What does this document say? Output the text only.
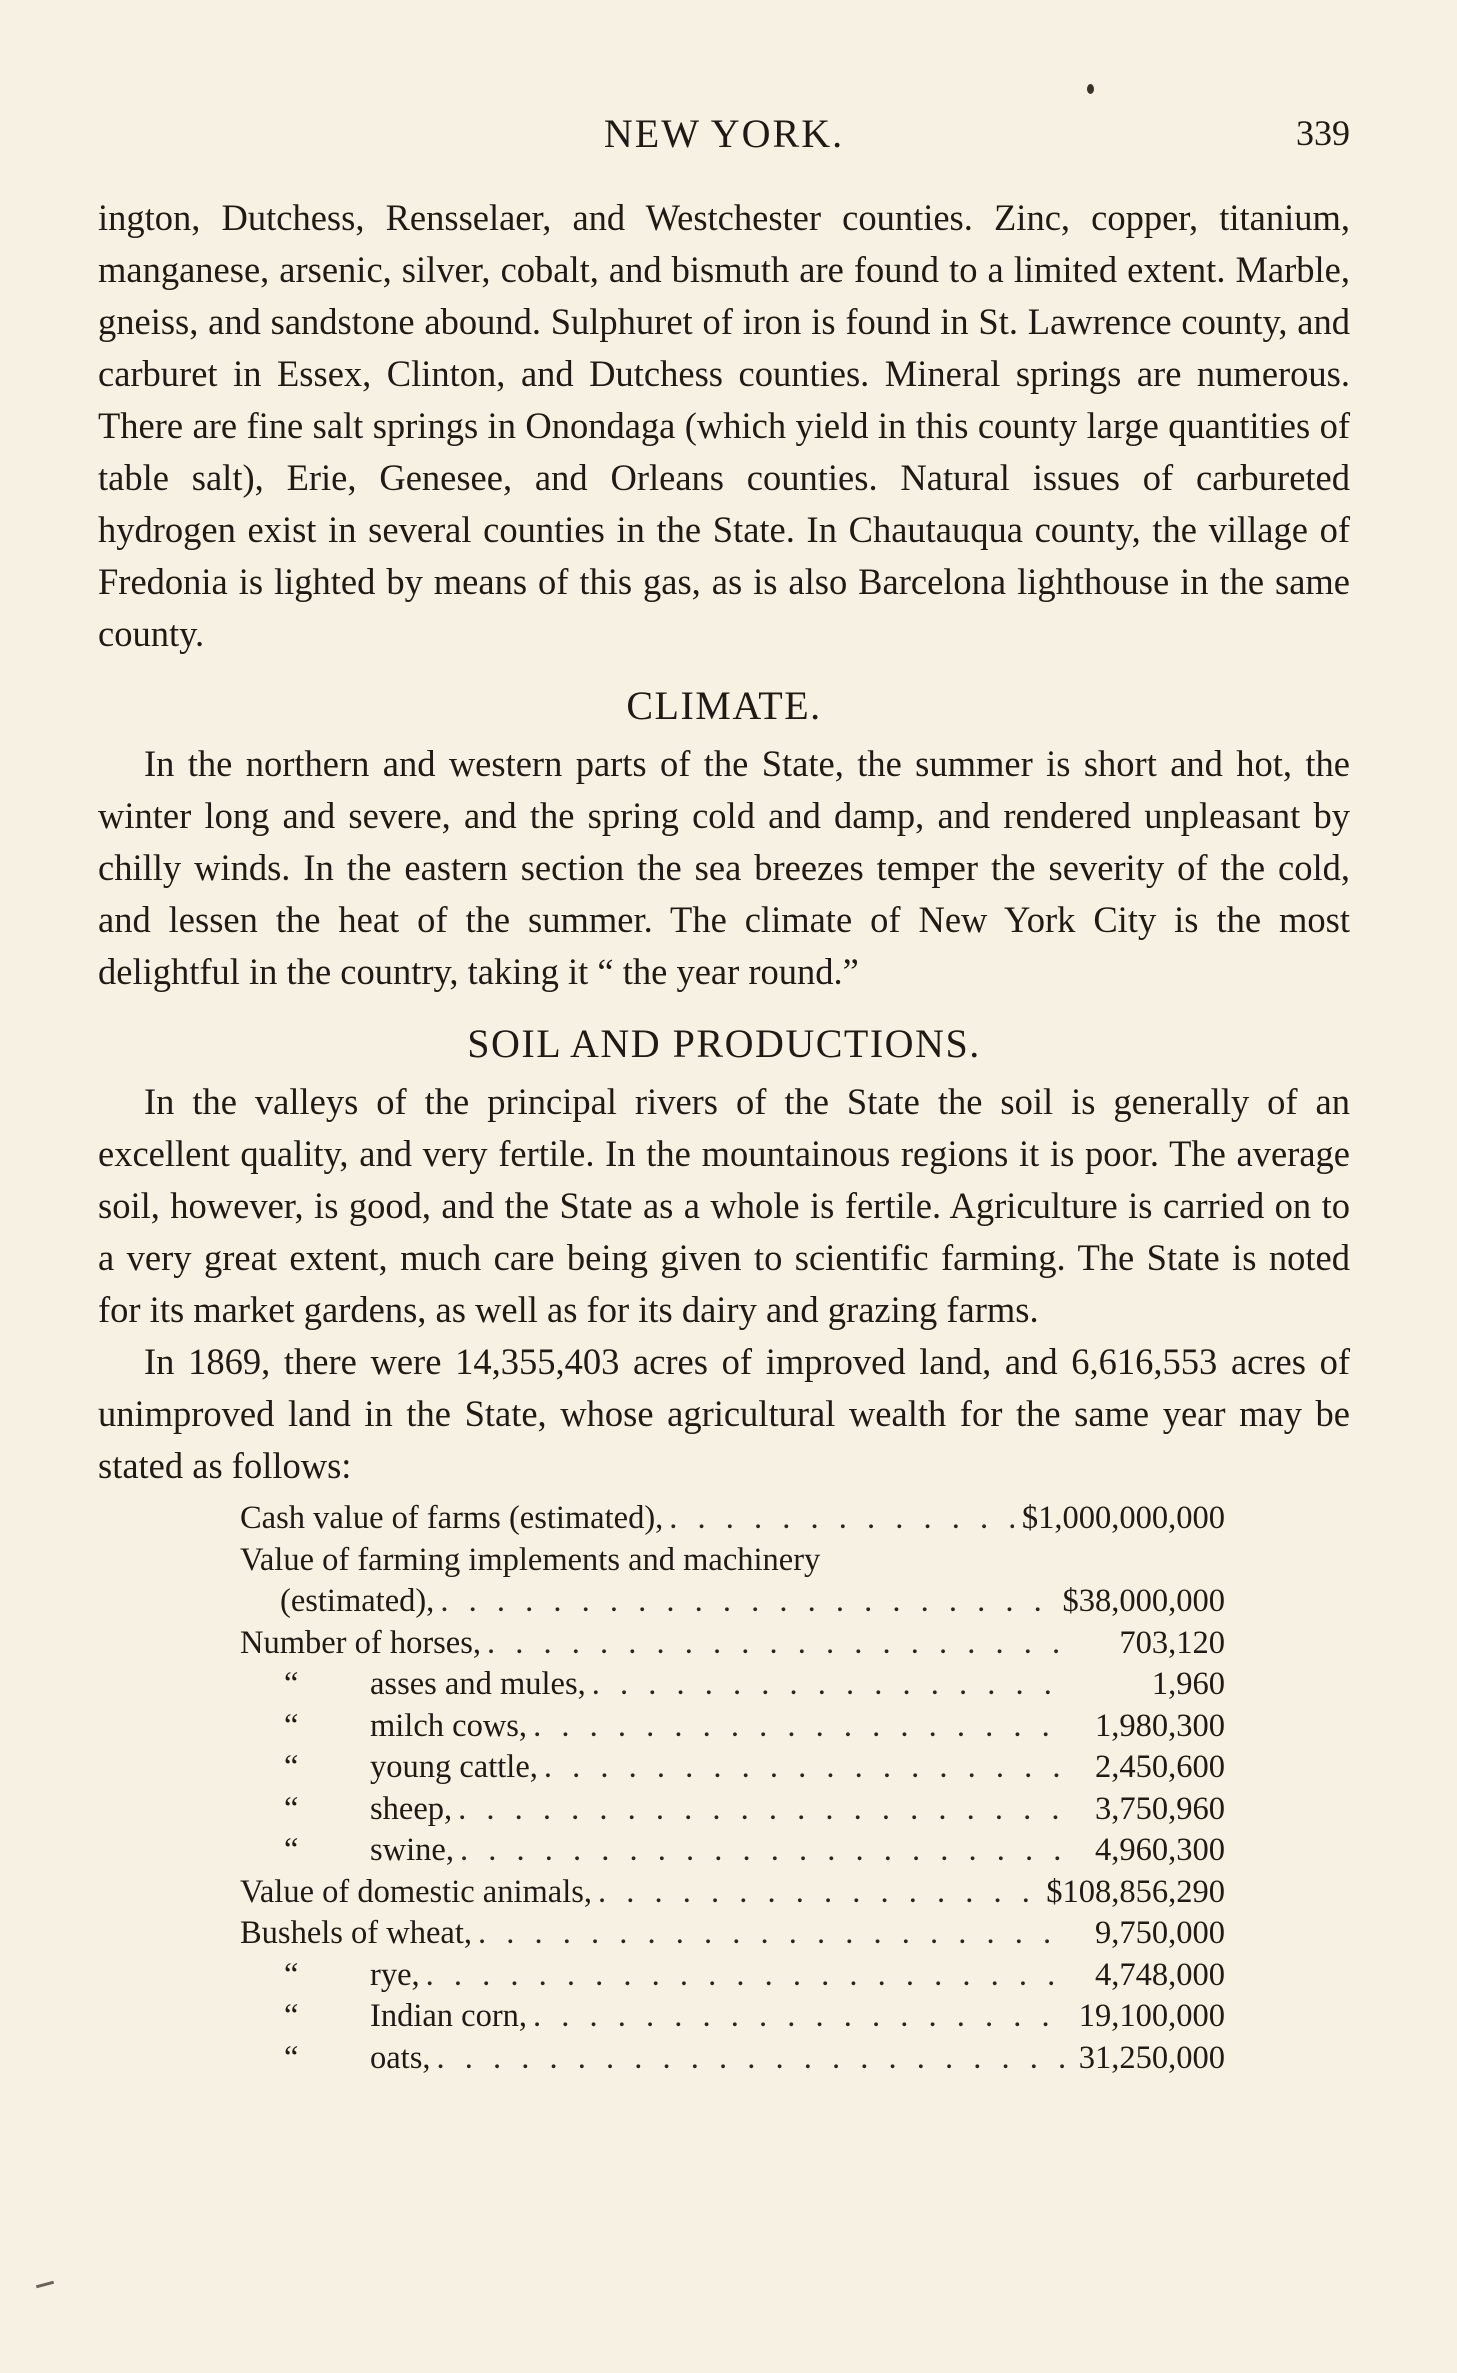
NEW YORK.	339

ington, Dutchess, Rensselaer, and Westchester counties. Zinc, copper, titanium, manganese, arsenic, silver, cobalt, and bismuth are found to a limited extent. Marble, gneiss, and sandstone abound. Sulphuret of iron is found in St. Lawrence county, and carburet in Essex, Clinton, and Dutchess counties. Mineral springs are numerous. There are fine salt springs in Onondaga (which yield in this county large quantities of table salt), Erie, Genesee, and Orleans counties. Natural issues of carbureted hydrogen exist in several counties in the State. In Chautauqua county, the village of Fredonia is lighted by means of this gas, as is also Barcelona lighthouse in the same county.

CLIMATE.

In the northern and western parts of the State, the summer is short and hot, the winter long and severe, and the spring cold and damp, and rendered unpleasant by chilly winds. In the eastern section the sea breezes temper the severity of the cold, and lessen the heat of the summer. The climate of New York City is the most delightful in the country, taking it “ the year round.”

SOIL AND PRODUCTIONS.

In the valleys of the principal rivers of the State the soil is generally of an excellent quality, and very fertile. In the mountainous regions it is poor. The average soil, however, is good, and the State as a whole is fertile. Agriculture is carried on to a very great extent, much care being given to scientific farming. The State is noted for its market gardens, as well as for its dairy and grazing farms.

In 1869, there were 14,355,403 acres of improved land, and 6,616,553 acres of unimproved land in the State, whose agricultural wealth for the same year may be stated as follows:

Cash value of farms (estimated), . . .	$1,000,000,000
Value of farming implements and machinery
(estimated), . . .	$38,000,000
Number of horses, . . .	703,120
“ asses and mules, . . .	1,960
“ milch cows, . . .	1,980,300
“ young cattle, . . .	2,450,600
“ sheep, . . .	3,750,960
“ swine, . . .	4,960,300
Value of domestic animals, . . .	$108,856,290
Bushels of wheat, . . .	9,750,000
“ rye, . . .	4,748,000
“ Indian corn, . . .	19,100,000
“ oats, . . .	31,250,000
